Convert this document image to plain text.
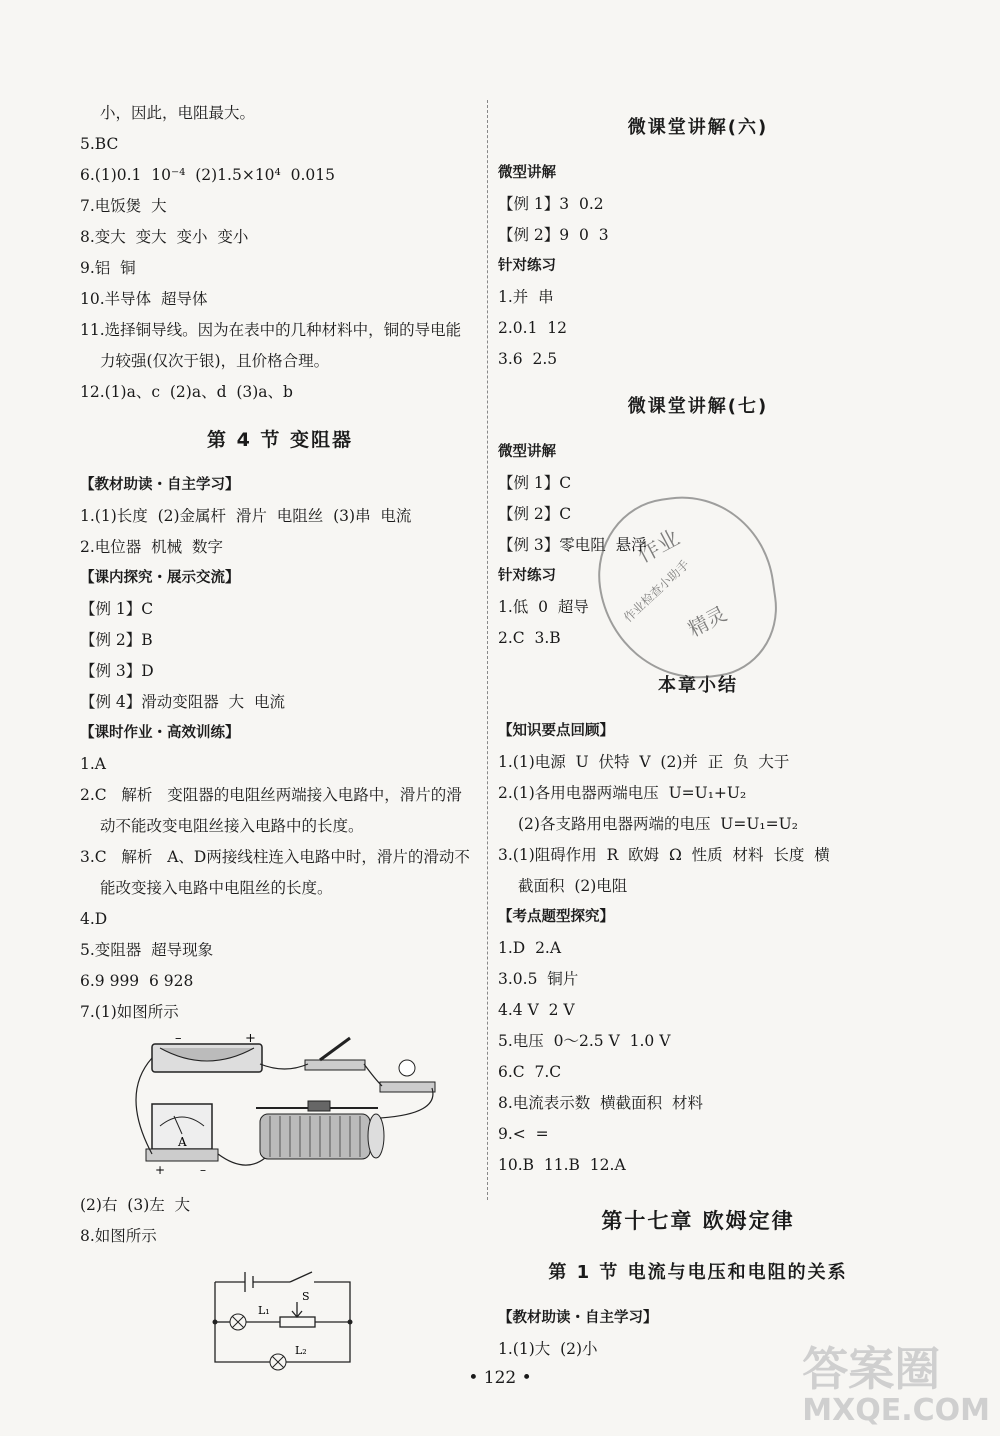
小，因此，电阻最大。
5.BC
6.(1)0.1  10⁻⁴  (2)1.5×10⁴  0.015
7.电饭煲  大
8.变大  变大  变小  变小
9.铝  铜
10.半导体  超导体
11.选择铜导线。因为在表中的几种材料中，铜的导电能
力较强(仅次于银)，且价格合理。
12.(1)a、c  (2)a、d  (3)a、b
第 4 节 变阻器
【教材助读・自主学习】
1.(1)长度  (2)金属杆  滑片  电阻丝  (3)串  电流
2.电位器  机械  数字
【课内探究・展示交流】
【例 1】C
【例 2】B
【例 3】D
【例 4】滑动变阻器  大  电流
【课时作业・高效训练】
1.A
2.C   解析   变阻器的电阻丝两端接入电路中，滑片的滑
动不能改变电阻丝接入电路中的长度。
3.C   解析   A、D两接线柱连入电路中时，滑片的滑动不
能改变接入电路中电阻丝的长度。
4.D
5.变阻器  超导现象
6.9 999  6 928
7.(1)如图所示
–	+
A
+	–
(2)右  (3)左  大
8.如图所示
S
L₁
L₂
微课堂讲解(六)
微型讲解
【例 1】3  0.2
【例 2】9  0  3
针对练习
1.并  串
2.0.1  12
3.6  2.5
微课堂讲解(七)
微型讲解
【例 1】C
【例 2】C
【例 3】零电阻  悬浮
针对练习
1.低  0  超导
2.C  3.B
本章小结
【知识要点回顾】
1.(1)电源  U  伏特  V  (2)并  正  负  大于
2.(1)各用电器两端电压  U=U₁+U₂
(2)各支路用电器两端的电压  U=U₁=U₂
3.(1)阻碍作用  R  欧姆  Ω  性质  材料  长度  横
截面积  (2)电阻
【考点题型探究】
1.D  2.A
3.0.5  铜片
4.4 V  2 V
5.电压  0～2.5 V  1.0 V
6.C  7.C
8.电流表示数  横截面积  材料
9.<  =
10.B  11.B  12.A
第十七章 欧姆定律
第 1 节 电流与电压和电阻的关系
【教材助读・自主学习】
1.(1)大  (2)小
作业
作业检查小助手
精灵
• 122 •	答案圈
MXQE.COM
